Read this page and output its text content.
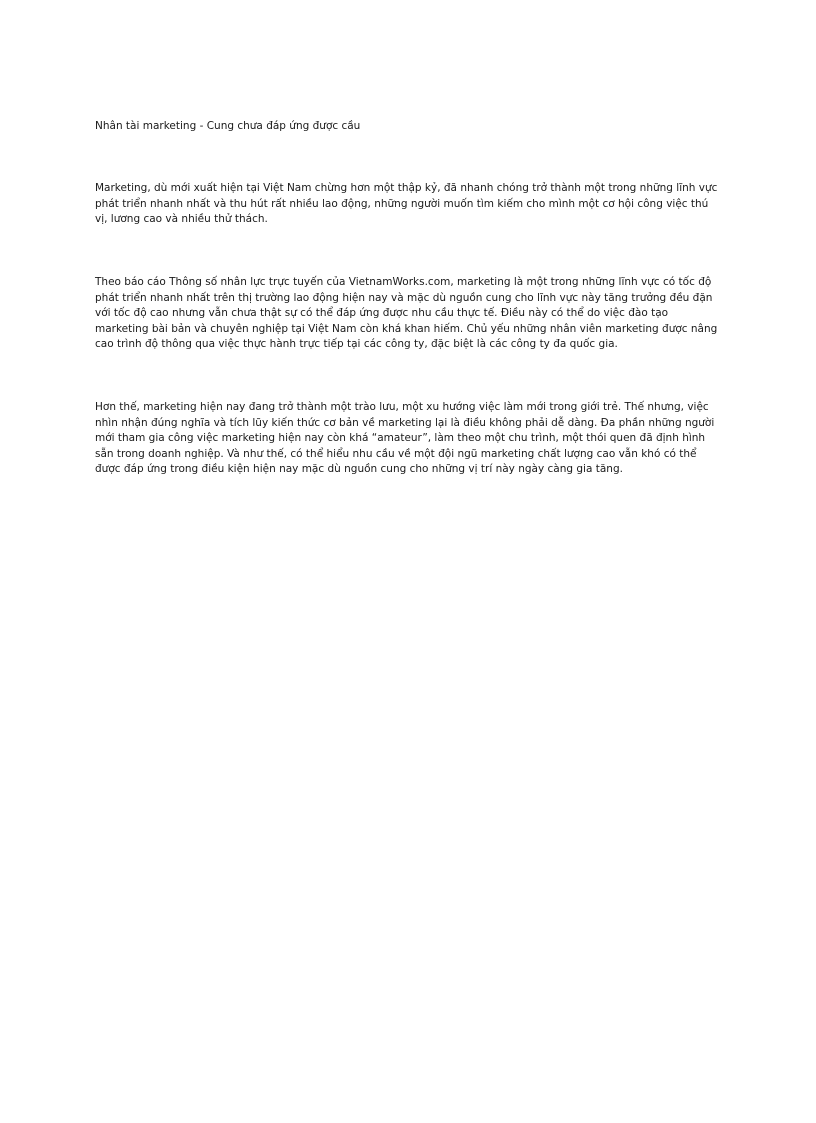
Nhân tài marketing - Cung chưa đáp ứng được cầu

Marketing, dù mới xuất hiện tại Việt Nam chừng hơn một thập kỷ, đã nhanh chóng trở thành một trong những lĩnh vực phát triển nhanh nhất và thu hút rất nhiều lao động, những người muốn tìm kiếm cho mình một cơ hội công việc thú vị, lương cao và nhiều thử thách.

Theo báo cáo Thông số nhân lực trực tuyến của VietnamWorks.com, marketing là một trong những lĩnh vực có tốc độ phát triển nhanh nhất trên thị trường lao động hiện nay và mặc dù nguồn cung cho lĩnh vực này tăng trưởng đều đặn với tốc độ cao nhưng vẫn chưa thật sự có thể đáp ứng được nhu cầu thực tế. Điều này có thể do việc đào tạo marketing bài bản và chuyên nghiệp tại Việt Nam còn khá khan hiếm. Chủ yếu những nhân viên marketing được nâng cao trình độ thông qua việc thực hành trực tiếp tại các công ty, đặc biệt là các công ty đa quốc gia.

Hơn thế, marketing hiện nay đang trở thành một trào lưu, một xu hướng việc làm mới trong giới trẻ. Thế nhưng, việc nhìn nhận đúng nghĩa và tích lũy kiến thức cơ bản về marketing lại là điều không phải dễ dàng. Đa phần những người mới tham gia công việc marketing hiện nay còn khá “amateur”, làm theo một chu trình, một thói quen đã định hình sẵn trong doanh nghiệp. Và như thế, có thể hiểu nhu cầu về một đội ngũ marketing chất lượng cao vẫn khó có thể được đáp ứng trong điều kiện hiện nay mặc dù nguồn cung cho những vị trí này ngày càng gia tăng.
